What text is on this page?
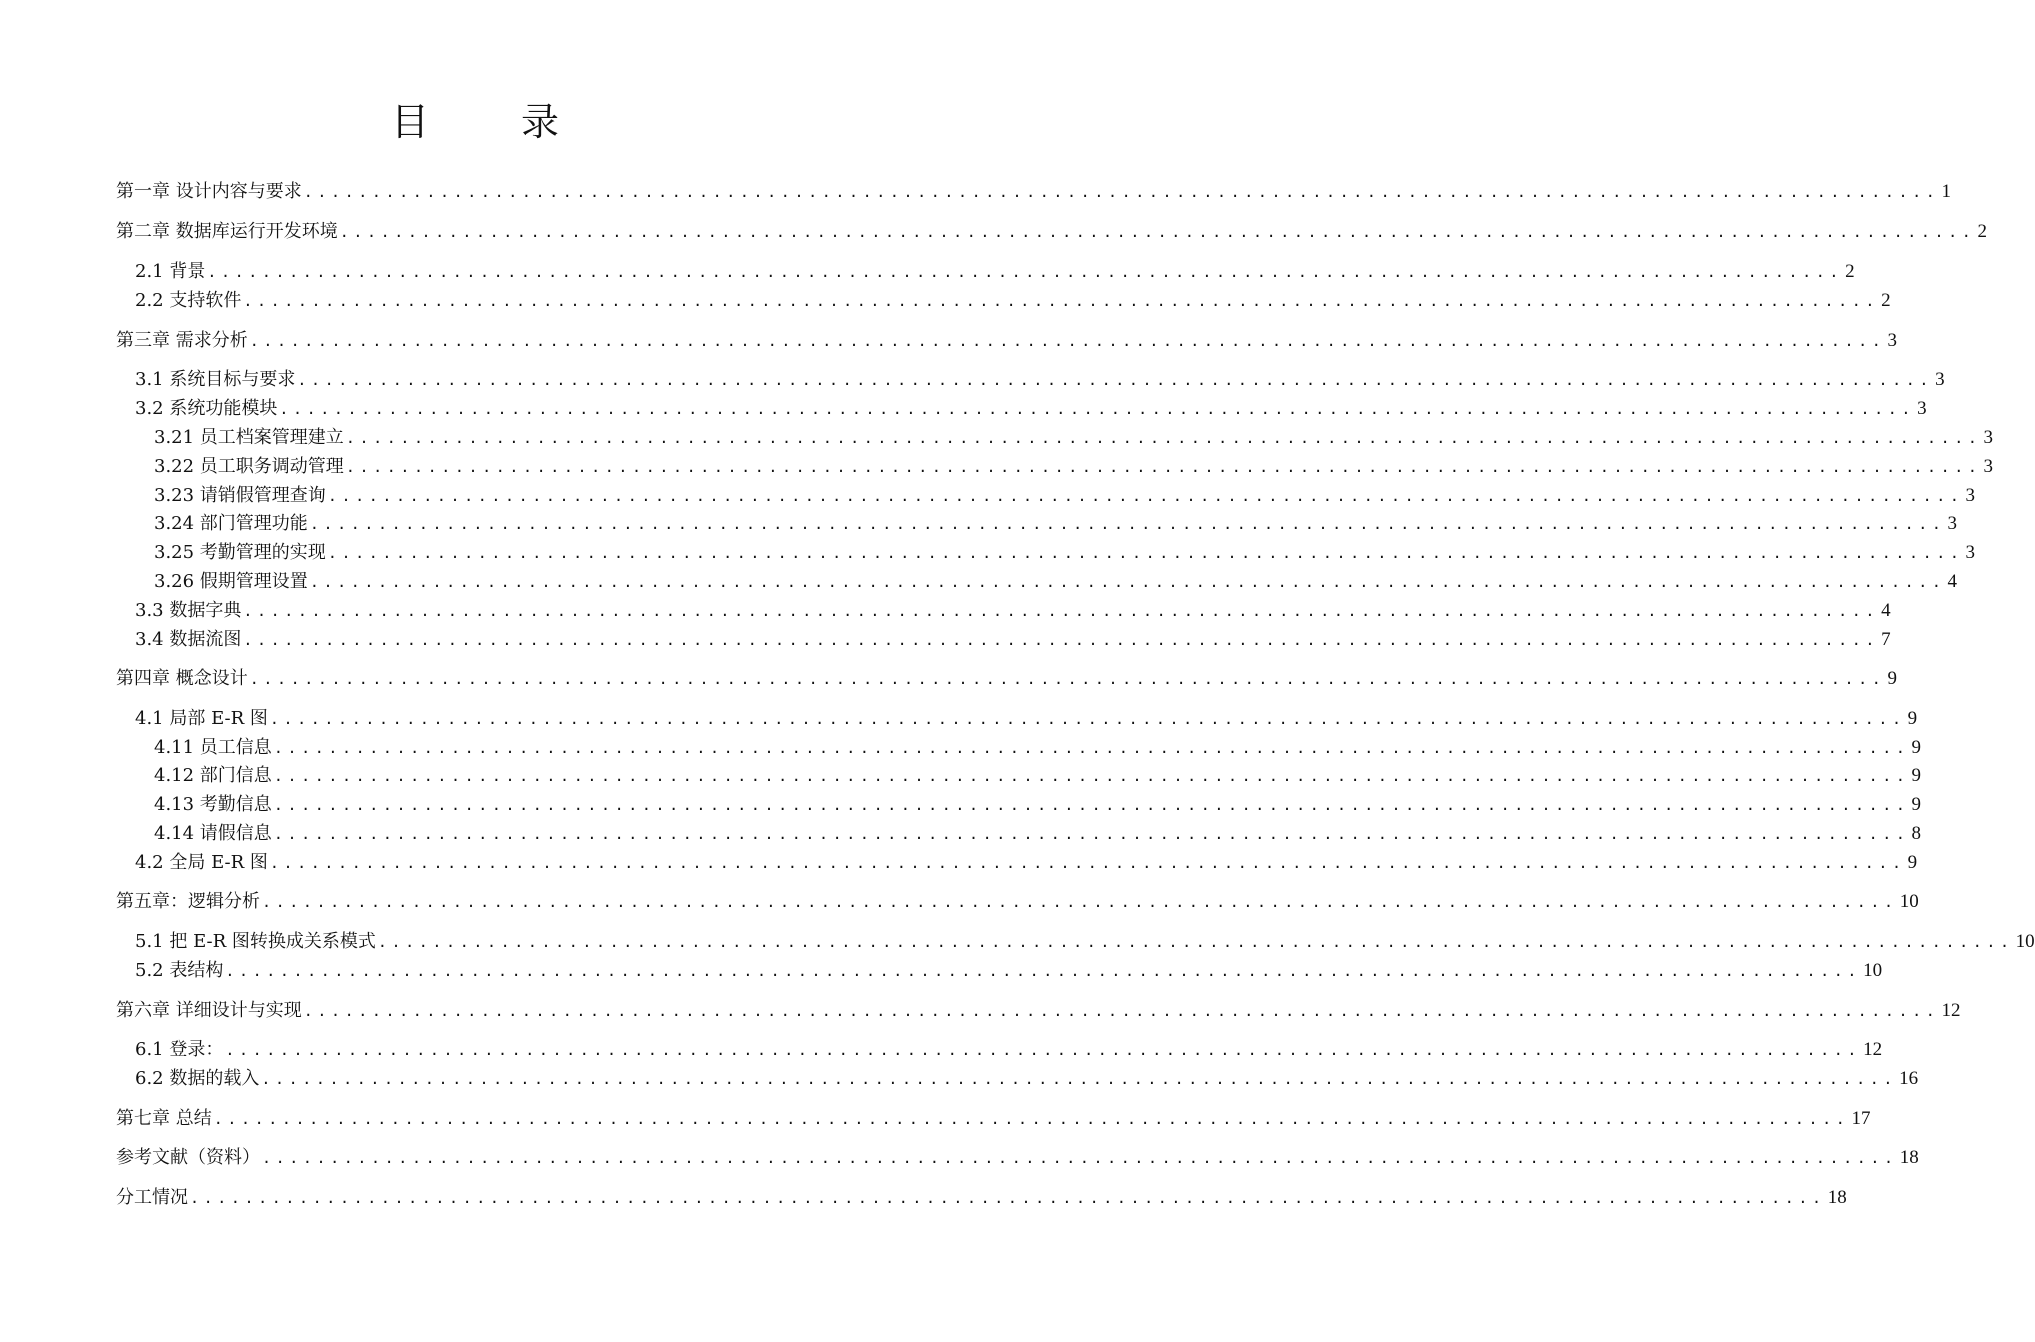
目 录
第一章 设计内容与要求 ........................................................................................................................ 1
第二章 数据库运行开发环境 ........................................................................................................................ 2
2.1 背景 ........................................................................................................................ 2
2.2 支持软件 ........................................................................................................................ 2
第三章 需求分析 ........................................................................................................................ 3
3.1 系统目标与要求 ........................................................................................................................ 3
3.2 系统功能模块 ........................................................................................................................ 3
3.21 员工档案管理建立 ........................................................................................................................ 3
3.22 员工职务调动管理 ........................................................................................................................ 3
3.23 请销假管理查询 ........................................................................................................................ 3
3.24 部门管理功能 ........................................................................................................................ 3
3.25 考勤管理的实现 ........................................................................................................................ 3
3.26 假期管理设置 ........................................................................................................................ 4
3.3 数据字典 ........................................................................................................................ 4
3.4 数据流图 ........................................................................................................................ 7
第四章 概念设计 ........................................................................................................................ 9
4.1 局部 E-R 图 ........................................................................................................................ 9
4.11 员工信息 ........................................................................................................................ 9
4.12 部门信息 ........................................................................................................................ 9
4.13 考勤信息 ........................................................................................................................ 9
4.14 请假信息 ........................................................................................................................ 8
4.2 全局 E-R 图 ........................................................................................................................ 9
第五章：逻辑分析 ........................................................................................................................ 10
5.1 把 E-R 图转换成关系模式 ........................................................................................................................ 10
5.2 表结构 ........................................................................................................................ 10
第六章 详细设计与实现 ........................................................................................................................ 12
6.1 登录： ........................................................................................................................ 12
6.2 数据的载入 ........................................................................................................................ 16
第七章 总结 ........................................................................................................................ 17
参考文献（资料） ........................................................................................................................ 18
分工情况 ........................................................................................................................ 18
